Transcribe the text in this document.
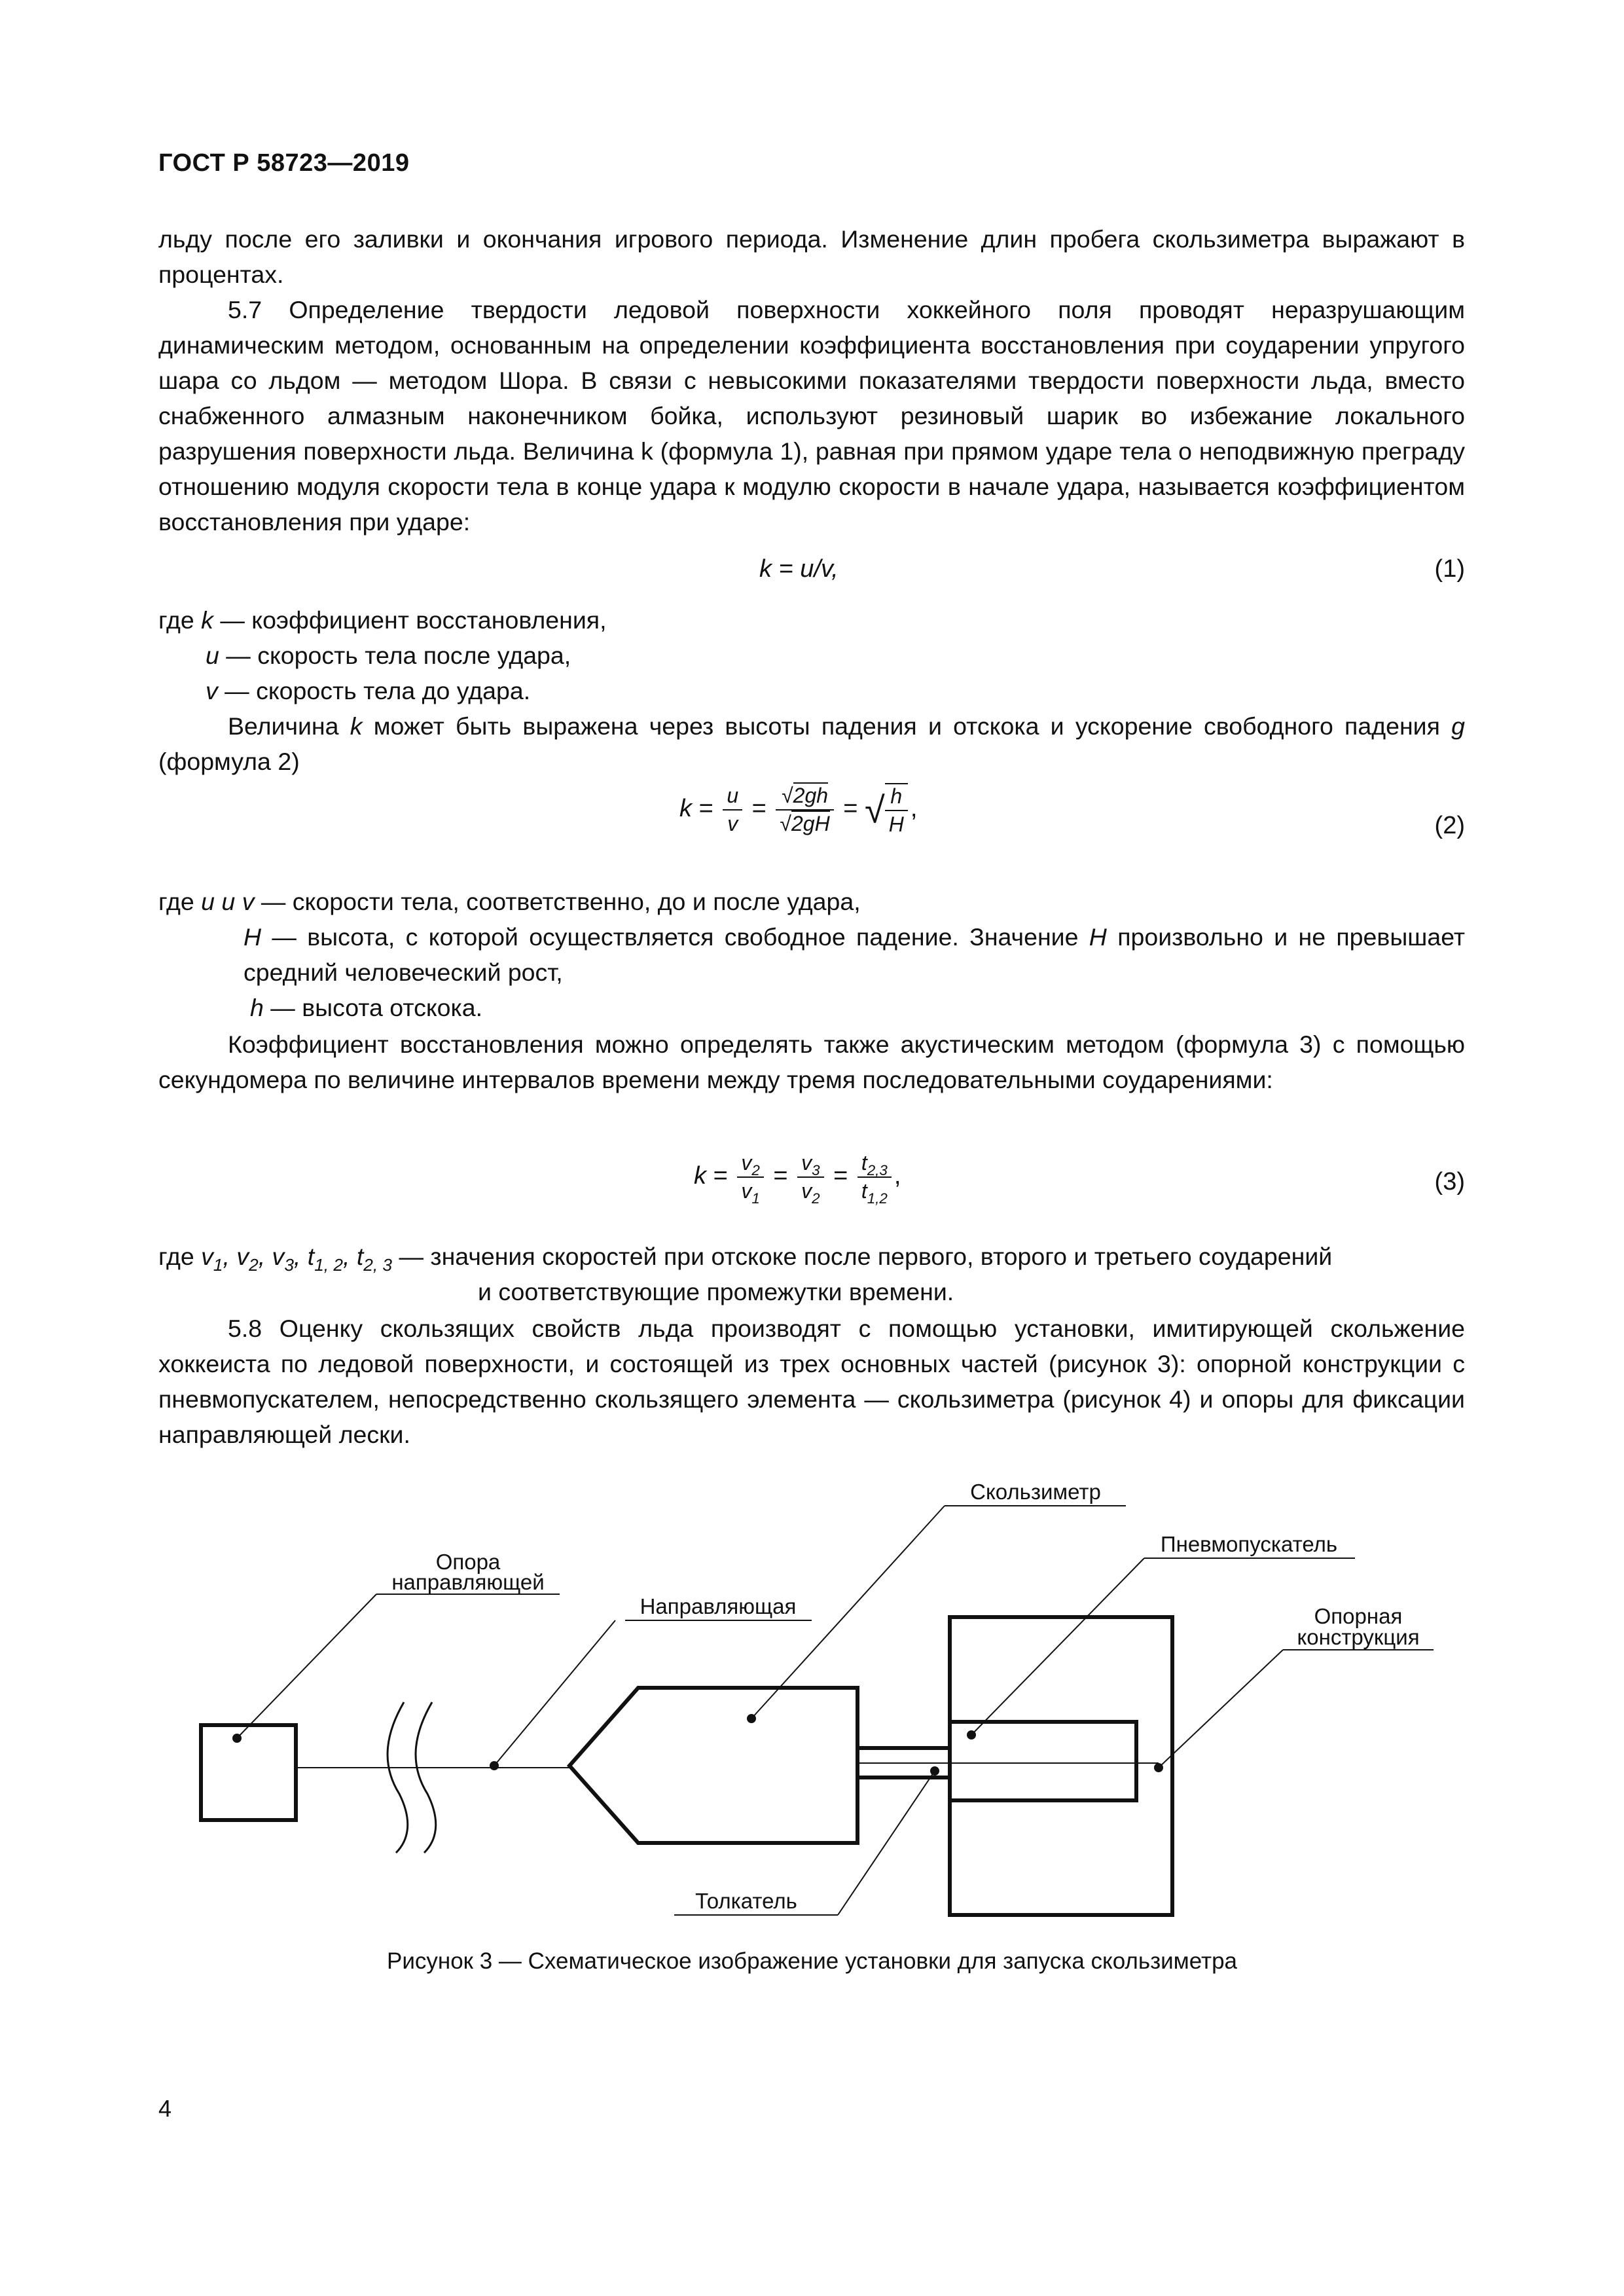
ГОСТ Р 58723—2019

льду после его заливки и окончания игрового периода. Изменение длин пробега скользиметра выражают в процентах.

5.7 Определение твердости ледовой поверхности хоккейного поля проводят неразрушающим динамическим методом, основанным на определении коэффициента восстановления при соударении упругого шара со льдом — методом Шора. В связи с невысокими показателями твердости поверхности льда, вместо снабженного алмазным наконечником бойка, используют резиновый шарик во избежание локального разрушения поверхности льда. Величина k (формула 1), равная при прямом ударе тела о неподвижную преграду отношению модуля скорости тела в конце удара к модулю скорости в начале удара, называется коэффициентом восстановления при ударе:

k = u/v,	(1)
где k — коэффициент восстановления,
u — скорость тела после удара,
v — скорость тела до удара.

Величина k может быть выражена через высоты падения и отскока и ускорение свободного падения g (формула 2)

$k = \frac{u}{v} = \frac{√2gh}{√2gH}$ = √ $\frac{h}{H}$ ,
(2)
где u и v — скорости тела, соответственно, до и после удара,
H — высота, с которой осуществляется свободное падение. Значение H произвольно и не превышает средний человеческий рост,
h — высота отскока.

Коэффициент восстановления можно определять также акустическим методом (формула 3) с помощью секундомера по величине интервалов времени между тремя последовательными соударениями:

$k = \frac{v_2}{v_1} = \frac{v_3}{v_2} = \frac{t_{2,3}}{t_{1,2}}$ ,	(3)
где $v_1$, $v_2$, $v_3$, $t_{1, 2}$, $t_{2, 3}$ — значения скоростей при отскоке после первого, второго и третьего соударений
и соответствующие промежутки времени.

5.8 Оценку скользящих свойств льда производят с помощью установки, имитирующей скольжение хоккеиста по ледовой поверхности, и состоящей из трех основных частей (рисунок 3): опорной конструкции с пневмопускателем, непосредственно скользящего элемента — скользиметра (рисунок 4) и опоры для фиксации направляющей лески.

Скользиметр
Пневмопускатель
Опора
направляющей
Направляющая	Опорная
конструкция
Толкатель
Рисунок 3 — Схематическое изображение установки для запуска скользиметра
4
